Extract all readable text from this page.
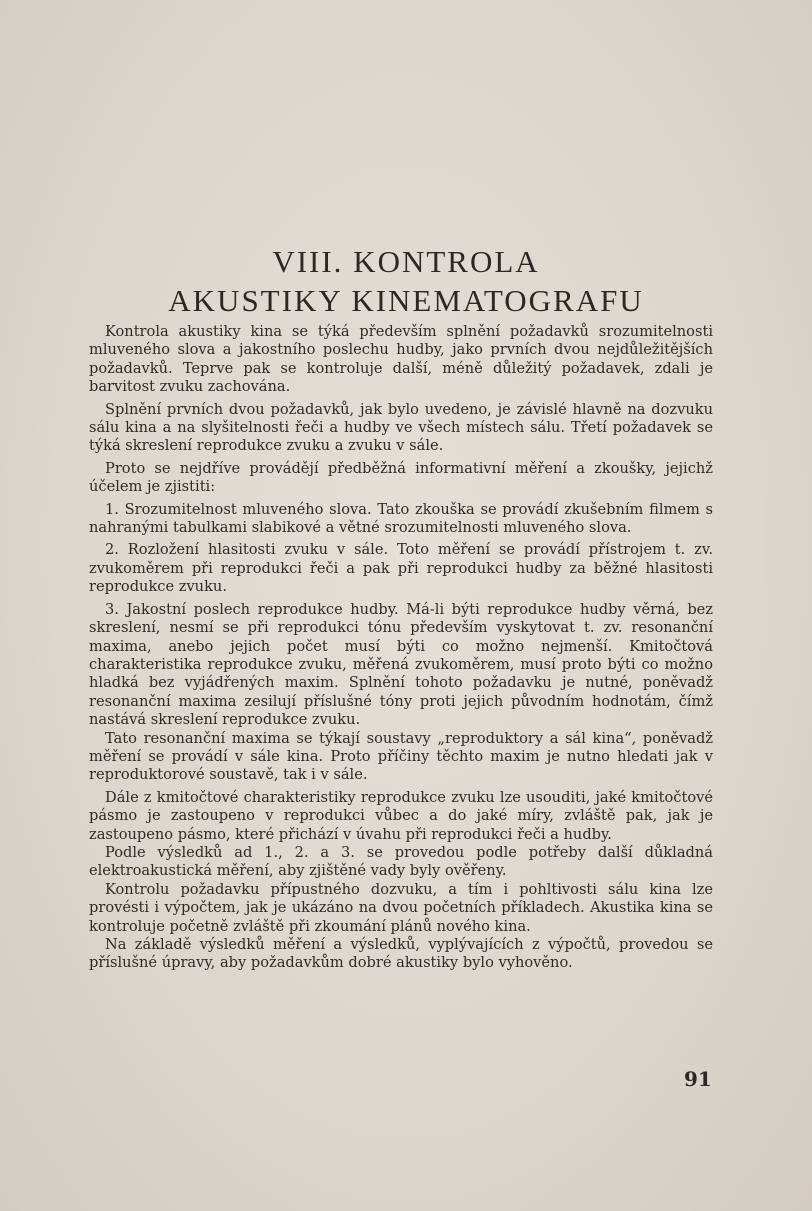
VIII. KONTROLA
AKUSTIKY KINEMATOGRAFU

Kontrola akustiky kina se týká především splnění požadavků srozumitelnosti mluveného slova a jakostního poslechu hudby, jako prvních dvou nejdůležitějších požadavků. Teprve pak se kontroluje další, méně důležitý požadavek, zdali je barvitost zvuku zachována.

Splnění prvních dvou požadavků, jak bylo uvedeno, je závislé hlavně na dozvuku sálu kina a na slyšitelnosti řeči a hudby ve všech místech sálu. Třetí požadavek se týká skreslení reprodukce zvuku a zvuku v sále.

Proto se nejdříve provádějí předběžná informativní měření a zkoušky, jejichž účelem je zjistiti:

1. Srozumitelnost mluveného slova. Tato zkouška se provádí zkušebním filmem s nahranými tabulkami slabikové a větné srozumitelnosti mluveného slova.

2. Rozložení hlasitosti zvuku v sále. Toto měření se provádí přístrojem t. zv. zvukoměrem při reprodukci řeči a pak při reprodukci hudby za běžné hlasitosti reprodukce zvuku.

3. Jakostní poslech reprodukce hudby. Má-li býti reprodukce hudby věrná, bez skreslení, nesmí se při reprodukci tónu především vyskytovat t. zv. resonanční maxima, anebo jejich počet musí býti co možno nejmenší. Kmitočtová charakteristika reprodukce zvuku, měřená zvukoměrem, musí proto býti co možno hladká bez vyjádřených maxim. Splnění tohoto požadavku je nutné, poněvadž resonanční maxima zesilují příslušné tóny proti jejich původním hodnotám, čímž nastává skreslení reprodukce zvuku.

Tato resonanční maxima se týkají soustavy „reproduktory a sál kina“, poněvadž měření se provádí v sále kina. Proto příčiny těchto maxim je nutno hledati jak v reproduktorové soustavě, tak i v sále.

Dále z kmitočtové charakteristiky reprodukce zvuku lze usouditi, jaké kmitočtové pásmo je zastoupeno v reprodukci vůbec a do jaké míry, zvláště pak, jak je zastoupeno pásmo, které přichází v úvahu při reprodukci řeči a hudby.

Podle výsledků ad 1., 2. a 3. se provedou podle potřeby další důkladná elektroakustická měření, aby zjištěné vady byly ověřeny.

Kontrolu požadavku přípustného dozvuku, a tím i pohltivosti sálu kina lze provésti i výpočtem, jak je ukázáno na dvou početních příkladech. Akustika kina se kontroluje početně zvláště při zkoumání plánů nového kina.

Na základě výsledků měření a výsledků, vyplývajících z výpočtů, provedou se příslušné úpravy, aby požadavkům dobré akustiky bylo vyhověno.

91
